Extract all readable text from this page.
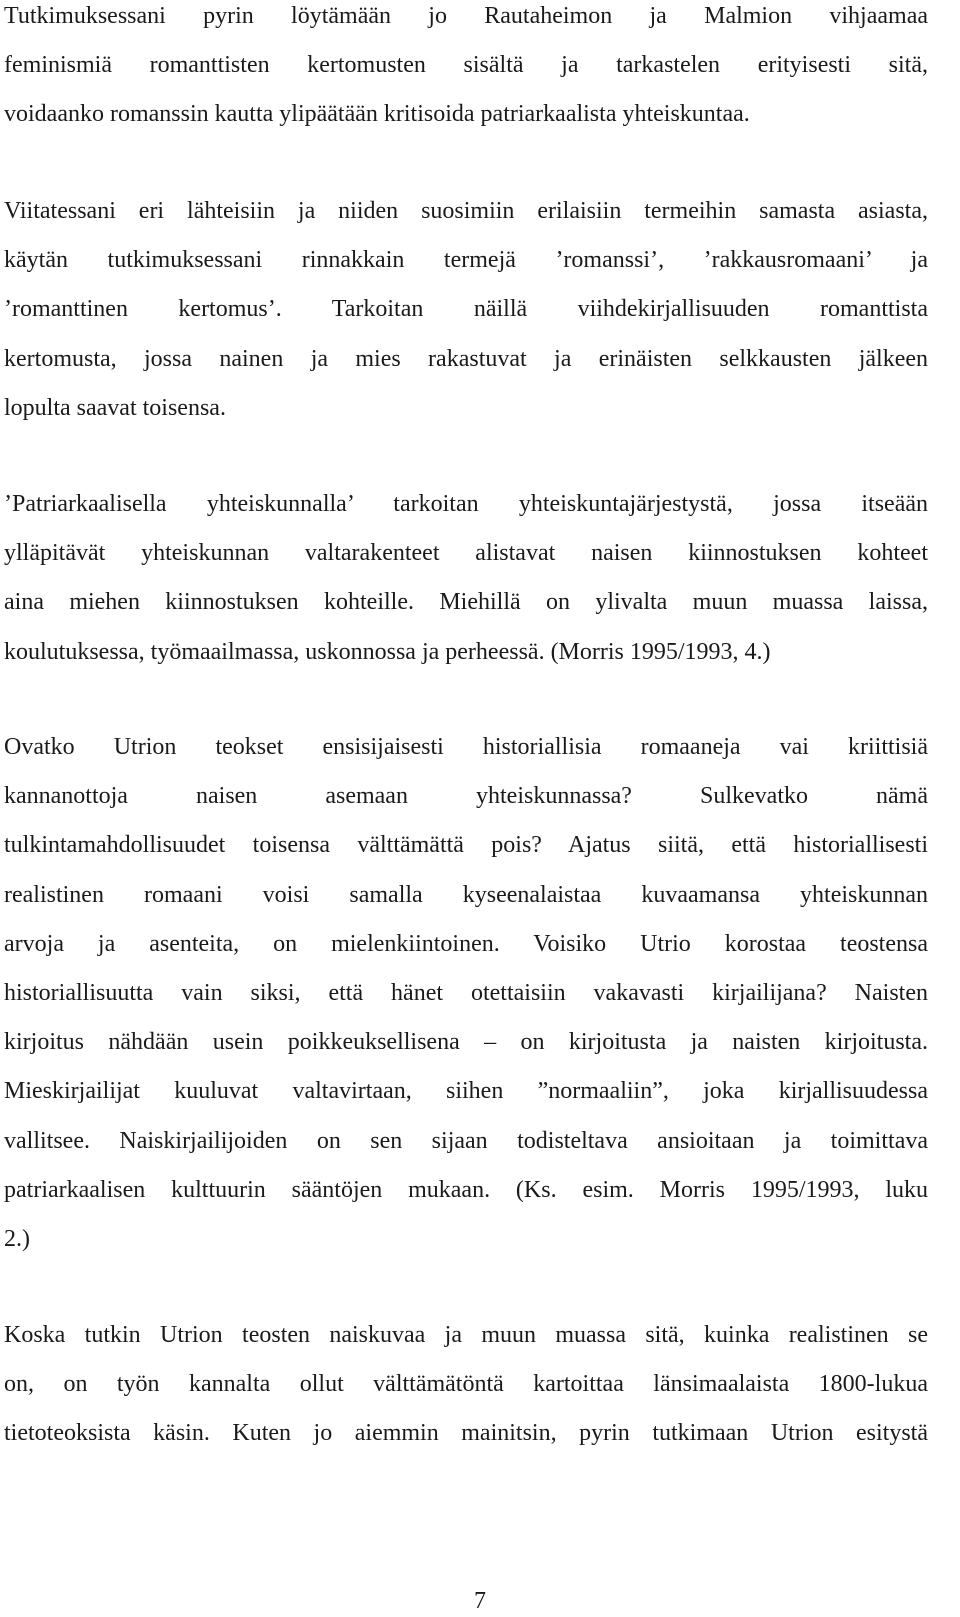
Tutkimuksessani pyrin löytämään jo Rautaheimon ja Malmion vihjaamaa
feminismiä romanttisten kertomusten sisältä ja tarkastelen erityisesti sitä,
voidaanko romanssin kautta ylipäätään kritisoida patriarkaalista yhteiskuntaa.
Viitatessani eri lähteisiin ja niiden suosimiin erilaisiin termeihin samasta asiasta,
käytän tutkimuksessani rinnakkain termejä ’romanssi’, ’rakkausromaani’ ja
’romanttinen kertomus’. Tarkoitan näillä viihdekirjallisuuden romanttista
kertomusta, jossa nainen ja mies rakastuvat ja erinäisten selkkausten jälkeen
lopulta saavat toisensa.
’Patriarkaalisella yhteiskunnalla’ tarkoitan yhteiskuntajärjestystä, jossa itseään
ylläpitävät yhteiskunnan valtarakenteet alistavat naisen kiinnostuksen kohteet
aina miehen kiinnostuksen kohteille. Miehillä on ylivalta muun muassa laissa,
koulutuksessa, työmaailmassa, uskonnossa ja perheessä. (Morris 1995/1993, 4.)
Ovatko Utrion teokset ensisijaisesti historiallisia romaaneja vai kriittisiä
kannanottoja naisen asemaan yhteiskunnassa? Sulkevatko nämä
tulkintamahdollisuudet toisensa välttämättä pois? Ajatus siitä, että historiallisesti
realistinen romaani voisi samalla kyseenalaistaa kuvaamansa yhteiskunnan
arvoja ja asenteita, on mielenkiintoinen. Voisiko Utrio korostaa teostensa
historiallisuutta vain siksi, että hänet otettaisiin vakavasti kirjailijana? Naisten
kirjoitus nähdään usein poikkeuksellisena – on kirjoitusta ja naisten kirjoitusta.
Mieskirjailijat kuuluvat valtavirtaan, siihen ”normaaliin”, joka kirjallisuudessa
vallitsee. Naiskirjailijoiden on sen sijaan todisteltava ansioitaan ja toimittava
patriarkaalisen kulttuurin sääntöjen mukaan. (Ks. esim. Morris 1995/1993, luku
2.)
Koska tutkin Utrion teosten naiskuvaa ja muun muassa sitä, kuinka realistinen se
on, on työn kannalta ollut välttämätöntä kartoittaa länsimaalaista 1800-lukua
tietoteoksista käsin. Kuten jo aiemmin mainitsin, pyrin tutkimaan Utrion esitystä
7
